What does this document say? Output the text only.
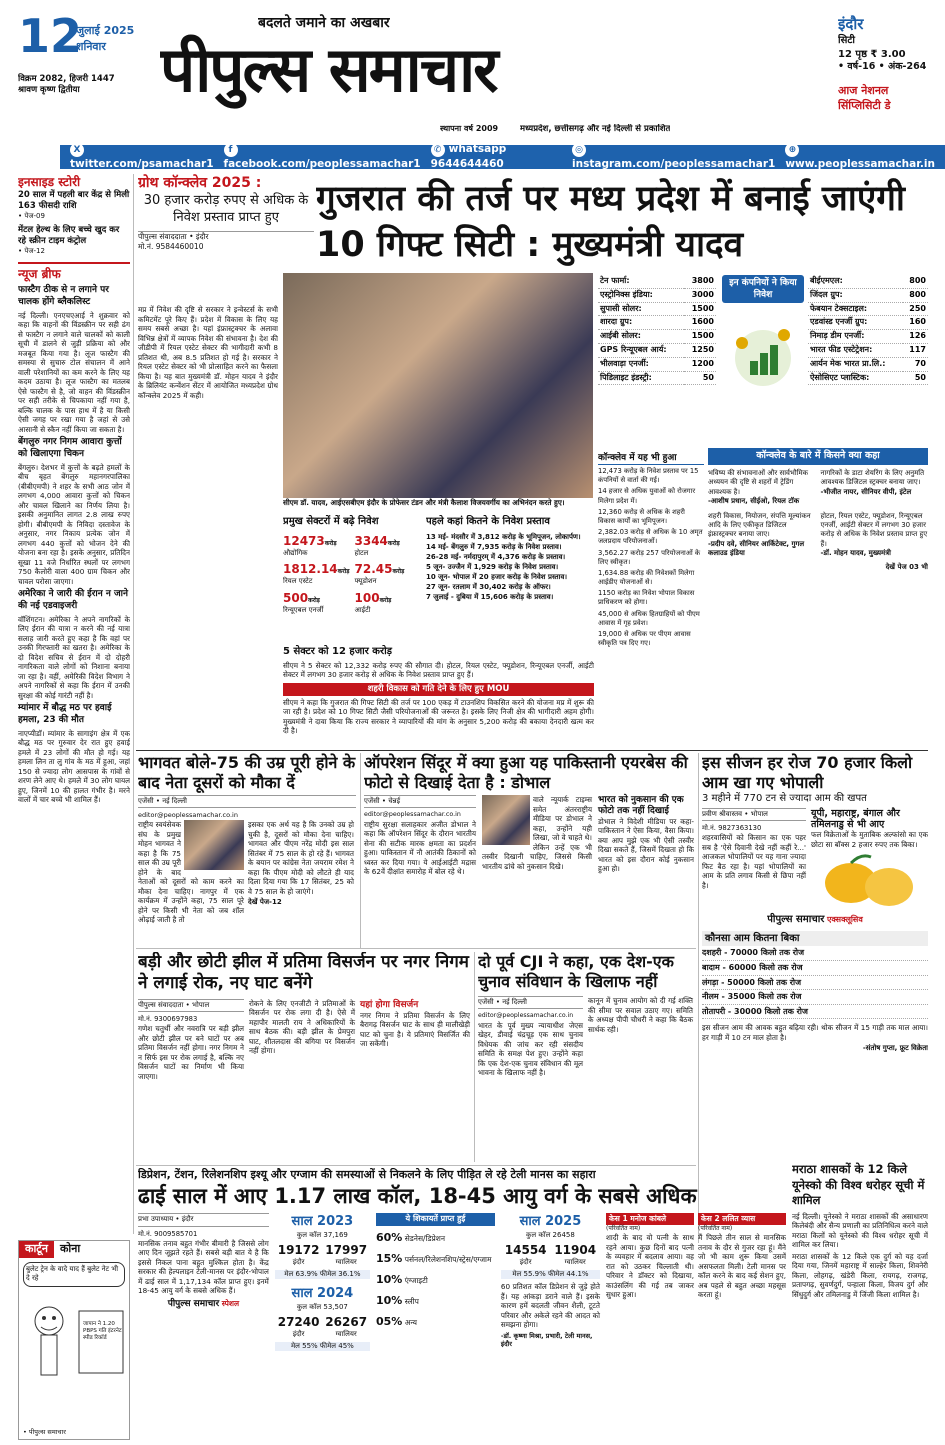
12
जुलाई 2025
शनिवार
विक्रम 2082, हिजरी 1447
श्रावण कृष्ण द्वितीया
बदलते जमाने का अखबार
पीपुल्स समाचार
स्थापना वर्ष 2009	मध्यप्रदेश, छत्तीसगढ़ और नई दिल्ली से प्रकाशित
इंदौर
सिटी
12 पृष्ठ ₹ 3.00
• वर्ष-16 • अंक-264
आज नेशनल
सिंप्लिसिटी डे
Xtwitter.com/psamachar1
ffacebook.com/peoplessamachar1
✆ whatsapp 9644644460
◎instagram.com/peoplessamachar1
⊕www.peoplessamachar.in
इनसाइड स्टोरी
20 साल में पहली बार केंद्र से मिली 163 फीसदी राशि
• पेज-09
मेंटल हेल्थ के लिए बच्चे खुद कर रहे स्क्रीन टाइम कंट्रोल
• पेज-12
न्यूज ब्रीफ
फास्टैग ठीक से न लगाने पर चालक होंगे ब्लैकलिस्ट

नई दिल्ली। एनएचएआई ने शुक्रवार को कहा कि वाहनों की विंडस्क्रीन पर सही ढंग से फास्टैग न लगाने वाले चालकों को काली सूची में डालने से जुड़ी प्रक्रिया को और मजबूत किया गया है। लूज फास्टैग की समस्या से सुचारु टोल संचालन में आने वाली परेशानियों का कम करने के लिए यह कदम उठाया है। लूज फास्टैग का मतलब ऐसे फास्टैग से है, जो वाहन की विंडस्क्रीन पर सही तरीके से चिपकाया नहीं गया है, बल्कि चालक के पास हाथ में है या किसी ऐसी जगह पर रखा गया है जहां से उसे आसानी से स्कैन नहीं किया जा सकता है।

बेंगलुरु नगर निगम आवारा कुत्तों को खिलाएगा चिकन

बेंगलुरु। देशभर में कुत्तों के बढ़ते हमलों के बीच बृहत बेंगलुरु महानगरपालिका (बीबीएमपी) ने शहर के सभी आठ जोन में लगभग 4,000 आवारा कुत्तों को चिकन और चावल खिलाने का निर्णय लिया है। इसकी अनुमानित लागत 2.8 लाख रुपए होगी। बीबीएमपी के निविदा दस्तावेज के अनुसार, नगर निकाय प्रत्येक जोन में लगभग 440 कुत्तों को भोजन देने की योजना बना रहा है। इसके अनुसार, प्रतिदिन सूखा 11 वजे निर्धारित स्थलों पर लगभग 750 कैलोरी वाला 400 ग्राम चिकन और चावल परोसा जाएगा।

अमेरिका ने जारी की ईरान न जाने की नई एडवाइजरी

वॉशिंगटन। अमेरिका ने अपने नागरिकों के लिए ईरान की यात्रा न करने की नई यात्रा सलाह जारी करते हुए कहा है कि वहां पर उनकी गिरफ्तारी का खतरा है। अमेरिका के दो विदेश सचिव से ईरान में दो दोहरी नागरिकता वाले लोगों को निशाना बनाया जा रहा है। वहीं, अमेरिकी विदेश विभाग ने अपने नागरिकों से कहा कि ईरान में उनकी सुरक्षा की कोई गारंटी नहीं है।

म्यांमार में बौद्ध मठ पर हवाई हमला, 23 की मौत

नाएप्यीडॉ। म्यांमार के सागाइंग क्षेत्र में एक बौद्ध मठ पर गुरुवार देर रात हुए हवाई हमले में 23 लोगों की मौत हो गई। यह हमला लिन ता लु गांव के मठ में हुआ, जहां 150 से ज्यादा लोग आसपास के गांवों से शरण लेने आए थे। हमले में 30 लोग घायल हुए, जिनमें 10 की हालत गंभीर है। मरने वालों में चार बच्चे भी शामिल हैं।

ग्रोथ कॉन्क्लेव 2025 :
30 हजार करोड़ रुपए से अधिक के निवेश प्रस्ताव प्राप्त हुए
पीपुल्स संवाददाता • इंदौर
मो.नं. 9584460010
गुजरात की तर्ज पर मध्य प्रदेश में बनाई जाएंगी 10 गिफ्ट सिटी : मुख्यमंत्री यादव
सीएम डॉ. यादव, आईएसबीएम इंदौर के प्रोफेसर टंडन और मंत्री कैलाश विजयवर्गीय का अभिनंदन करते हुए।

मप्र में निवेश की दृष्टि से सरकार ने इन्वेस्टर्स के सभी कमिटमेंट पूरे किए हैं। प्रदेश में विकास के लिए यह समय सबसे अच्छा है। यहां इंफ्रास्ट्रक्चर के अलावा विभिन्न क्षेत्रों में व्यापक निवेश की संभावना है। देश की जीडीपी में रियल एस्टेट सेक्टर की भागीदारी कभी 8 प्रतिशत थी, अब 8.5 प्रतिशत हो गई है। सरकार ने रियल एस्टेट सेक्टर को भी प्रोत्साहित करने का फैसला किया है। यह बात मुख्यमंत्री डॉ. मोहन यादव ने इंदौर के ब्रिलियंट कन्वेंशन सेंटर में आयोजित मध्यप्रदेश ग्रोथ कॉन्क्लेव 2025 में कही।

प्रमुख सेक्टरों में बढ़े निवेश
12473करोड़
औद्योगिक
3344करोड़
होटल
1812.14करोड़
रियल एस्टेट
72.45करोड़
फ्यूडोशन
500करोड़
रिन्यूएबल एनर्जी
100करोड़
आईटी
पहले कहां कितने के निवेश प्रस्ताव
13 मई- मंदसौर में 3,812 करोड़ के भूमिपूजन, लोकार्पण।
14 मई- बेंगलुरु में 7,935 करोड़ के निवेश प्रस्ताव।
26-28 मई- नर्मदापुरम् में 4,376 करोड़ के प्रस्ताव।
5 जून- उज्जैन में 1,929 करोड़ के निवेश प्रस्ताव।
10 जून- भोपाल में 20 हजार करोड़ के निवेश प्रस्ताव।
27 जून- रतलाम में 30,402 करोड़ के ऑफर।
7 जुलाई - दुबिया में 15,606 करोड़ के प्रस्ताव।
5 सेक्टर को 12 हजार करोड़

सीएम ने 5 सेक्टर को 12,332 करोड़ रुपए की सौगात दी। होटल, रियल एस्टेट, फ्यूडोशन, रिन्यूएबल एनर्जी, आईटी सेक्टर में लगभग 30 हजार करोड़ से अधिक के निवेश प्रस्ताव प्राप्त हुए हैं।

शहरी विकास को गति देने के लिए हुए MOU

सीएम ने कहा कि गुजरात की गिफ्ट सिटी की तर्ज पर 100 एकड़ में टाउनशिप विकसित करने की योजना मप्र में शुरू की जा रही है। प्रदेश को 10 गिफ्ट सिटी जैसी परियोजनाओं की जरूरत है। इसके लिए निजी क्षेत्र की भागीदारी अहम होगी। मुख्यमंत्री ने दावा किया कि राज्य सरकार ने व्यापारियों की मांग के अनुसार 5,200 करोड़ की बकाया देनदारी खत्म कर दी है।

टेन फार्मा:	3800
एस्ट्रोनिक्स इंडिया:	3000
सुपासी सोलर:	1500
शारदा ग्रुप:	1600
आईबी सोलर:	1500
GPS रिन्यूएबल आर्य:	1250
भीलवाड़ा एनर्जी:	1200
पिडिलाइट इंडस्ट्री:	50
इन कंपनियों ने किया निवेश
बीईएमएल:	800
जिंदल ग्रुप:	800
फेबयान टेक्सटाइल:	250
एडवांस्ड एनर्जी ग्रुप:	160
निमाड़ डीम एनर्जी:	126
भारत फीड एस्टेट्रेशन:	117
आर्यन मेक भारत प्रा.लि.:	70
ऐसोसिएट प्लास्टिक:	50
कॉन्क्लेव में यह भी हुआ
12,473 करोड़ के निवेश प्रस्ताव पर 15 कंपनियों से वार्ता की गई।
14 हजार से अधिक युवाओं को रोजगार मिलेगा प्रदेश में।
12,360 करोड़ से अधिक के शहरी विकास कार्यों का भूमिपूजन।
2,382.03 करोड़ से अधिक के 10 अमृत जलप्रदाय परियोजनाओं।
3,562.27 करोड़ 257 परियोजनाओं के लिए स्वीकृत।
1,634.88 करोड़ की निवेशकों मिलेगा आईडीए योजनाओं से।
1150 करोड़ का निवेश भोपाल विकास प्राधिकरण को होगा।
45,000 से अधिक हितग्राहियों को पीएम आवास में गृह प्रवेश।
19,000 से अधिक पर पीएम आवास स्वीकृति पत्र दिए गए।
कॉन्क्लेव के बारे में किसने क्या कहा
भविष्य की संभावनाओं और सार्वभौमिक अध्ययन की दृष्टि से शहरों में ट्रेडिंग आवश्यक है।
-आशीष प्रधान, सीईओ, रियल टॉक
नागरिकों के डाटा शेयरिंग के लिए अनुमति आवश्यक डिजिटल स्ट्रक्चर बनाया जाए।
-भीजीत नायर, सीनियर वीपी, इंटेल
शहरी विकास, नियोजन, संपत्ति मूल्यांकन आदि के लिए एकीकृत डिजिटल इंफ्रास्ट्रक्चर बनाया जाए।
-प्रदीप दवे, सीनियर आर्किटेक्ट, गुगल कलाउड इंडिया
होटल, रियल एस्टेट, फ्यूडोशन, रिन्यूएबल एनर्जी, आईटी सेक्टर में लगभग 30 हजार करोड़ से अधिक के निवेश प्रस्ताव प्राप्त हुए हैं।
-डॉ. मोहन यादव, मुख्यमंत्री
देखें पेज 03 भी
भागवत बोले-75 की उम्र पूरी होने के बाद नेता दूसरों को मौका दें
एजेंसी • नई दिल्ली
editor@peoplessamachar.co.in

राष्ट्रीय स्वयंसेवक संघ के प्रमुख मोहन भागवत ने कहा है कि 75 साल की उम्र पूरी होने के बाद नेताओं को दूसरों को काम करने का मौका देना चाहिए। नागपुर में एक कार्यक्रम में उन्होंने कहा, 75 साल पूरे होने पर किसी भी नेता को जब शॉल ओढ़ाई जाती है तो

इसका एक अर्थ यह है कि उनको उम्र हो चुकी है, दूसरों को मौका देना चाहिए। भागवत और पीएम नरेंद्र मोदी इस साल सितंबर में 75 साल के हो रहे हैं। भागवत के बयान पर कांग्रेस नेता जयराम रमेश ने कहा कि पीएम मोदी को लौटते ही याद दिला दिया गया कि 17 सितंबर, 25 को वे 75 साल के हो जाएंगे।

देखें पेज-12
ऑपरेशन सिंदूर में क्या हुआ यह पाकिस्तानी एयरबेस की फोटो से दिखाई देता है : डोभाल
एजेंसी • चेन्नई
editor@peoplessamachar.co.in

राष्ट्रीय सुरक्षा सलाहकार अजीत डोभाल ने कहा कि ऑपरेशन सिंदूर के दौरान भारतीय सेना की सटीक मारक क्षमता का प्रदर्शन हुआ। पाकिस्तान में नौ आतंकी ठिकानों को ध्वस्त कर दिया गया। ये आईआईटी मद्रास के 62वें दीक्षांत समारोह में बोल रहे थे।

वाले न्यूयार्क टाइम्स समेत अंतरराष्ट्रीय मीडिया पर डोभाल ने कहा, उन्होंने यही लिखा, जो वे चाहते थे। लेकिन उन्हें एक भी तस्वीर दिखानी चाहिए, जिससे किसी भारतीय ढांचे को नुकसान दिखे।

भारत को नुकसान की एक फोटो तक नहीं दिखाई

डोभाल ने विदेशी मीडिया पर कहा- पाकिस्तान ने ऐसा किया, वैसा किया। क्या आप मुझे एक भी ऐसी तस्वीर दिखा सकते हैं, जिसमें दिखता हो कि भारत को इस दौरान कोई नुकसान हुआ हो।

इस सीजन हर रोज 70 हजार किलो आम खा गए भोपाली
3 महीने में 770 टन से ज्यादा आम की खपत
प्रवीण श्रीवास्तव • भोपाल
मो.नं. 9827363130

शहरवासियों को किसान का एक पहर सब है 'ऐसे दिवानी देखे नहीं कहीं रे...' आजकल भोपालियों पर यह गाना ज्यादा फिट बैठ रहा है। यहां भोपालियों का आम के प्रति लगाव किसी से छिपा नहीं है।

यूपी, महाराष्ट्र, बंगाल और तमिलनाडु से भी आए

फल विक्रेताओं के मुताबिक अल्फांसो का एक छोटा सा बॉक्स 2 हजार रुपए तक बिका।

पीपुल्स समाचार एक्सक्लूसिव
कौनसा आम कितना बिका
दशहरी - 70000 किलो तक रोज
बादाम - 60000 किलो तक रोज
लंगड़ा - 50000 किलो तक रोज
नीलम - 35000 किलो तक रोज
तोतापरी - 30000 किलो तक रोज

इस सीजन आम की आवक बहुत बढ़िया रही। थोक सीजन में 15 गाड़ी तक माल आया। हर गाड़ी में 10 टन माल होता है।

-संतोष गुप्ता, फ्रूट विक्रेता
बड़ी और छोटी झील में प्रतिमा विसर्जन पर नगर निगम ने लगाई रोक, नए घाट बनेंगे
पीपुल्स संवाददाता • भोपाल
मो.नं. 9300697983

गणेश चतुर्थी और नवरात्रि पर बड़ी झील और छोटी झील पर बने घाटों पर अब प्रतिमा विसर्जन नहीं होगा। नगर निगम ने न सिर्फ इस पर रोक लगाई है, बल्कि नए विसर्जन घाटों का निर्माण भी किया जाएगा।

रोकने के लिए एनजीटी ने प्रतिमाओं के विसर्जन पर रोक लगा दी है। ऐसे में महापौर मालती राय ने अधिकारियों के साथ बैठक की। बड़ी झील के प्रेमपुरा घाट, शीतलदास की बगिया पर विसर्जन नहीं होगा।

यहां होगा विसर्जन

नगर निगम ने प्रतिमा विसर्जन के लिए बैरागढ़ विसर्जन घाट के साथ ही मालीखेड़ी घाट को चुना है। ये प्रतिमाएं विसर्जित की जा सकेंगी।

दो पूर्व CJI ने कहा, एक देश-एक चुनाव संविधान के खिलाफ नहीं
एजेंसी • नई दिल्ली
editor@peoplessamachar.co.in

भारत के पूर्व मुख्य न्यायाधीश जेएस खेहर, डीवाई चंद्रचूड़ एक साथ चुनाव विधेयक की जांच कर रही संसदीय समिति के समक्ष पेश हुए। उन्होंने कहा कि एक देश-एक चुनाव संविधान की मूल भावना के खिलाफ नहीं है।

कानून में चुनाव आयोग को दी गई शक्ति की सीमा पर सवाल उठाए गए। समिति के अध्यक्ष पीपी चौधरी ने कहा कि बैठक सार्थक रही।

डिप्रेशन, टेंशन, रिलेशनशिप इश्यू और एग्जाम की समस्याओं से निकलने के लिए पीड़ित ले रहे टेली मानस का सहारा
ढाई साल में आए 1.17 लाख कॉल, 18-45 आयु वर्ग के सबसे अधिक
प्रभा उपाध्याय • इंदौर
मो.नं. 9009585701

मानसिक तनाव बहुत गंभीर बीमारी है जिससे लोग आए दिन जूझते रहते हैं। सबसे बड़ी बात ये है कि इससे निकल पाना बहुत मुश्किल होता है। केंद्र सरकार की हेल्पलाइन टेली-मानस पर इंदौर-भोपाल में ढाई साल में 1,17,134 कॉल प्राप्त हुए। इनमें 18-45 आयु वर्ग के सबसे अधिक हैं।

पीपुल्स समाचार स्पेशल
साल 2023
कुल कॉल 37,169
19172
इंदौर
17997
ग्वालियर
मेल 63.9% फीमेल 36.1%
साल 2024
कुल कॉल 53,507
27240
इंदौर
26267
ग्वालियर
मेल 55% फीमेल 45%
ये शिकायतें प्राप्त हुई
60% सेडनेस/डिप्रेशन
15% पर्सनल/रिलेशनशिप/स्ट्रेस/एग्जाम
10% एंग्जाइटी
10% स्लीप
05% अन्य
साल 2025
कुल कॉल 26458
14554
इंदौर
11904
ग्वालियर
मेल 55.9% फीमेल 44.1%

60 प्रतिशत कॉल डिप्रेशन से जुड़े होते हैं। यह आंकड़ा डराने वाले हैं। इसके कारण हमें बदलती जीवन शैली, टूटते परिवार और अकेले रहने की आदत को समझना होगा।

-डॉ. कृष्णा मिश्रा, प्रभारी, टेली मानस, इंदौर
केस 1 मनोज कांबले
(परिवर्तित नाम)

शादी के बाद वो पत्नी के साथ रहने आया। कुछ दिनों बाद पत्नी के व्यवहार में बदलाव आया। वह रात को उठकर चिल्लाती थी। परिवार ने डॉक्टर को दिखाया, काउंसलिंग की गई तब जाकर सुधार हुआ।

केस 2 ललित व्यास
(परिवर्तित नाम)

मैं पिछले तीन साल से मानसिक तनाव के दौर से गुजर रहा हूं। मैंने जो भी काम शुरू किया उसमें असफलता मिली। टेली मानस पर कॉल करने के बाद कई सेशन हुए, अब पहले से बहुत अच्छा महसूस करता हूं।

मराठा शासकों के 12 किले यूनेस्को की विश्व धरोहर सूची में शामिल

नई दिल्ली। यूनेस्को ने मराठा शासकों की असाधारण किलेबंदी और सैन्य प्रणाली का प्रतिनिधित्व करने वाले मराठा किलों को यूनेस्को की विश्व धरोहर सूची में शामिल कर लिया।

मराठा शासकों के 12 किले एक दुर्ग को यह दर्जा दिया गया, जिनमें महाराष्ट्र में साल्हेर किला, शिवनेरी किला, लोहगढ़, खंडेरी किला, रायगढ़, राजगढ़, प्रतापगढ़, सुवर्णदुर्ग, पन्हाला किला, विजय दुर्ग और सिंधुदुर्ग और तमिलनाडु में जिंजी किला शामिल है।

कार्टून	कोना
बुलेट ट्रेन के वादे याद हैं बुलेट नेट भी दे रहे
जापान ने 1.20 PBPS गति इंटरनेट स्पीड रिकॉर्ड
• पीपुल्स समाचार
